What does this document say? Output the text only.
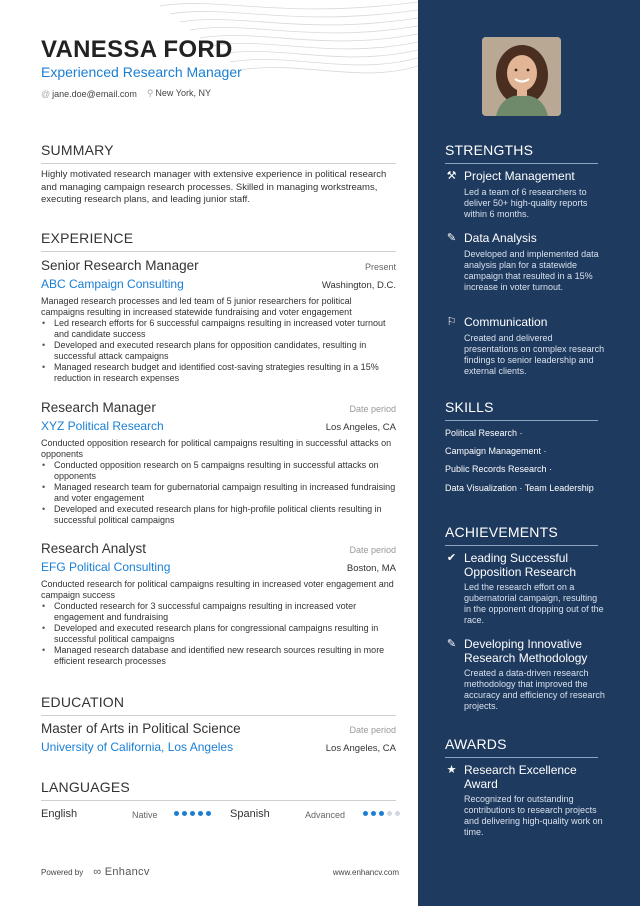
VANESSA FORD
Experienced Research Manager
@ jane.doe@email.com ⚲ New York, NY
SUMMARY
Highly motivated research manager with extensive experience in political research and managing campaign research processes. Skilled in managing workstreams, executing research plans, and leading junior staff.
EXPERIENCE
Senior Research Manager	Present
ABC Campaign Consulting	Washington, D.C.
Managed research processes and led team of 5 junior researchers for political campaigns resulting in increased statewide fundraising and voter engagement
• Led research efforts for 6 successful campaigns resulting in increased voter turnout and candidate success
• Developed and executed research plans for opposition candidates, resulting in successful attack campaigns
• Managed research budget and identified cost-saving strategies resulting in a 15% reduction in research expenses
Research Manager	Date period
XYZ Political Research	Los Angeles, CA
Conducted opposition research for political campaigns resulting in successful attacks on opponents
• Conducted opposition research on 5 campaigns resulting in successful attacks on opponents
• Managed research team for gubernatorial campaign resulting in increased fundraising and voter engagement
• Developed and executed research plans for high-profile political clients resulting in successful political campaigns
Research Analyst	Date period
EFG Political Consulting	Boston, MA
Conducted research for political campaigns resulting in increased voter engagement and campaign success
• Conducted research for 3 successful campaigns resulting in increased voter engagement and fundraising
• Developed and executed research plans for congressional campaigns resulting in successful political campaigns
• Managed research database and identified new research sources resulting in more efficient research processes
EDUCATION
Master of Arts in Political Science	Date period
University of California, Los Angeles	Los Angeles, CA
LANGUAGES
English	Native	Spanish	Advanced
Powered by ∞ Enhancv	www.enhancv.com
STRENGTHS
⚒ Project Management
Led a team of 6 researchers to deliver 50+ high-quality reports within 6 months.
✎ Data Analysis
Developed and implemented data analysis plan for a statewide campaign that resulted in a 15% increase in voter turnout.
⚐ Communication
Created and delivered presentations on complex research findings to senior leadership and external clients.
SKILLS
Political Research ·
Campaign Management ·
Public Records Research ·
Data Visualization · Team Leadership
ACHIEVEMENTS
✔ Leading Successful Opposition Research
Led the research effort on a gubernatorial campaign, resulting in the opponent dropping out of the race.
✎ Developing Innovative Research Methodology
Created a data-driven research methodology that improved the accuracy and efficiency of research projects.
AWARDS
★ Research Excellence Award
Recognized for outstanding contributions to research projects and delivering high-quality work on time.
